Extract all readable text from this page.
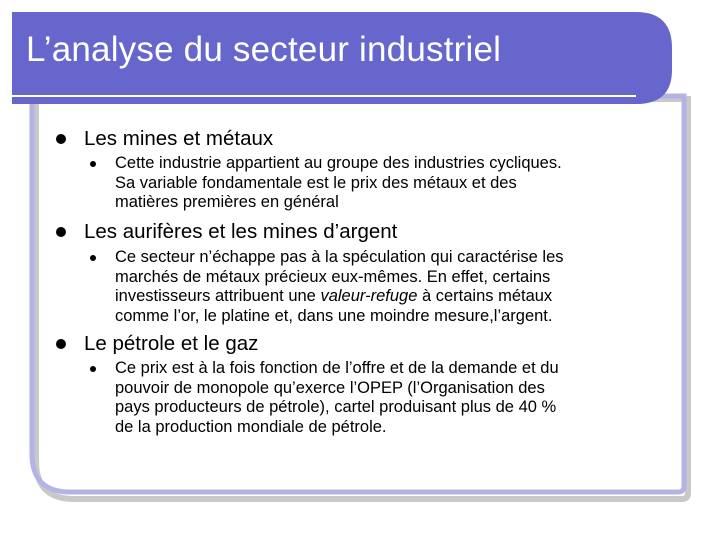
L’analyse du secteur industriel
Les mines et métaux
Cette industrie appartient au groupe des industries cycliques.
Sa variable fondamentale est le prix des métaux et des
matières premières en général
Les aurifères et les mines d’argent
Ce secteur n’échappe pas à la spéculation qui caractérise les
marchés de métaux précieux eux-mêmes. En effet, certains
investisseurs attribuent une valeur-refuge à certains métaux
comme l’or, le platine et, dans une moindre mesure,l’argent.
Le pétrole et le gaz
Ce prix est à la fois fonction de l’offre et de la demande et du
pouvoir de monopole qu’exerce l’OPEP (l’Organisation des
pays producteurs de pétrole), cartel produisant plus de 40 %
de la production mondiale de pétrole.
